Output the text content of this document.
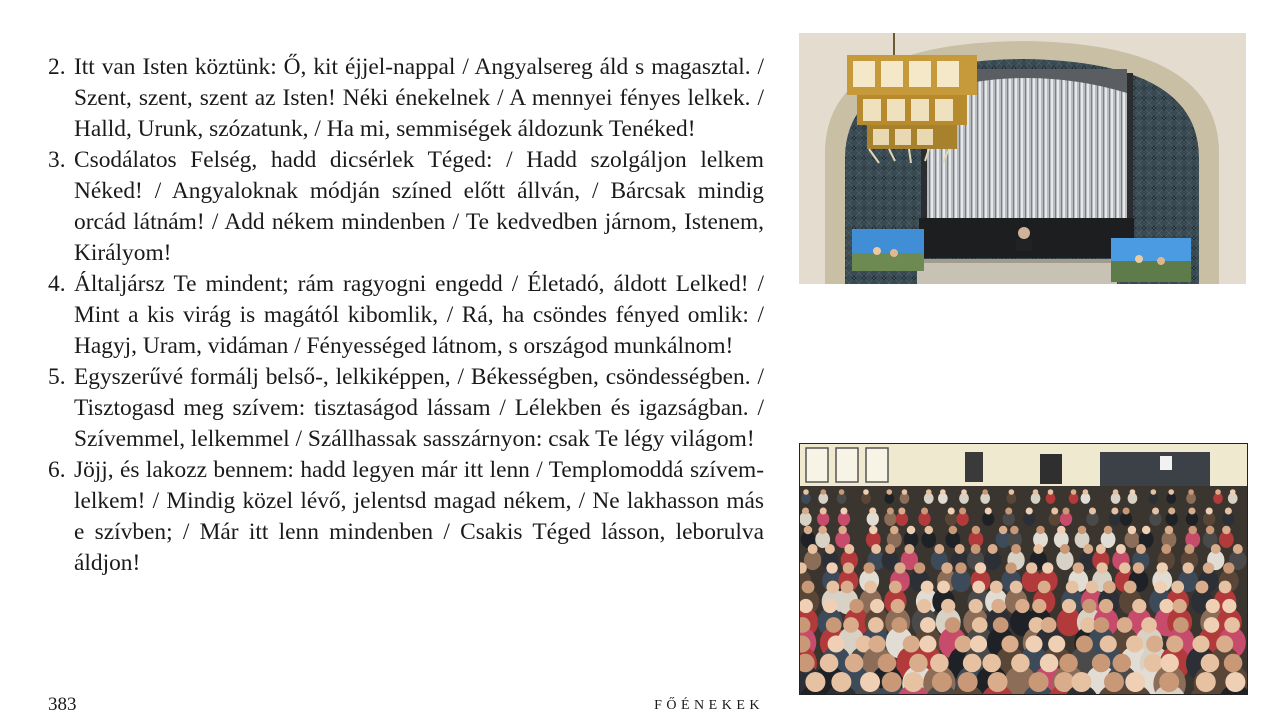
2. Itt van Isten köztünk: Ő, kit éjjel-nappal / Angyalsereg áld s magasztal. / Szent, szent, szent az Isten! Néki énekelnek / A mennyei fényes lelkek. / Halld, Urunk, szózatunk, / Ha mi, semmiségek áldozunk Tenéked!
3. Csodálatos Felség, hadd dicsérlek Téged: / Hadd szolgáljon lelkem Néked! / Angyaloknak módján színed előtt állván, / Bárcsak mindig orcád látnám! / Add nékem mindenben / Te kedvedben járnom, Istenem, Királyom!
4. Általjársz Te mindent; rám ragyogni engedd / Életadó, áldott Lelked! / Mint a kis virág is magától kibomlik, / Rá, ha csöndes fényed omlik: / Hagyj, Uram, vidáman / Fényességed látnom, s országod munkálnom!
5. Egyszerűvé formálj belső-, lelkiképpen, / Békességben, csöndességben. / Tisztogasd meg szívem: tisztaságod lássam / Lélekben és igazságban. / Szívemmel, lelkemmel / Szállhassak sasszárnyon: csak Te légy világom!
6. Jöjj, és lakozz bennem: hadd legyen már itt lenn / Templomoddá szívem-lelkem! / Mindig közel lévő, jelentsd magad nékem, / Ne lakhasson más e szívben; / Már itt lenn mindenben / Csakis Téged lásson, leborulva áldjon!
383	FŐÉNEKEK
